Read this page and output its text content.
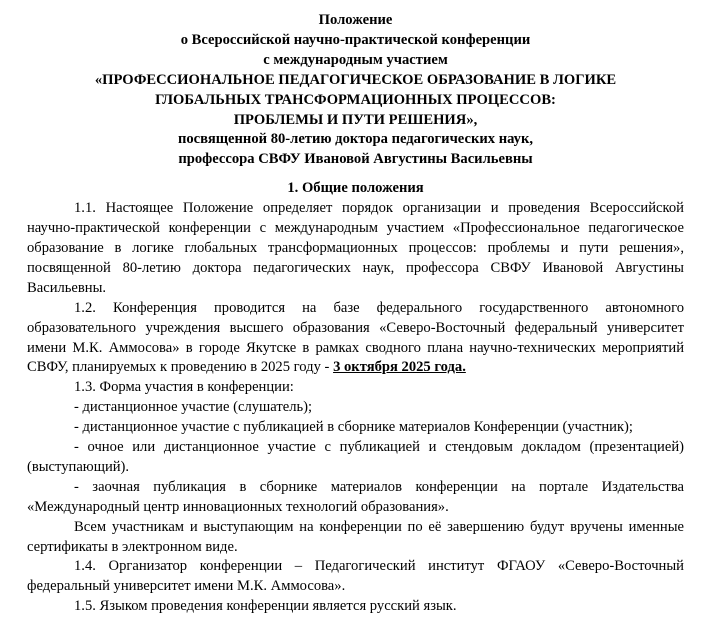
Положение
о Всероссийской научно-практической конференции
с международным участием
«ПРОФЕССИОНАЛЬНОЕ ПЕДАГОГИЧЕСКОЕ ОБРАЗОВАНИЕ В ЛОГИКЕ
ГЛОБАЛЬНЫХ ТРАНСФОРМАЦИОННЫХ ПРОЦЕССОВ:
ПРОБЛЕМЫ И ПУТИ РЕШЕНИЯ»,
посвященной 80-летию доктора педагогических наук,
профессора СВФУ Ивановой Августины Васильевны
1. Общие положения

1.1. Настоящее Положение определяет порядок организации и проведения Всероссийской научно-практической конференции с международным участием «Профессиональное педагогическое образование в логике глобальных трансформационных процессов: проблемы и пути решения», посвященной 80-летию доктора педагогических наук, профессора СВФУ Ивановой Августины Васильевны.

1.2. Конференция проводится на базе федерального государственного автономного образовательного учреждения высшего образования «Северо-Восточный федеральный университет имени М.К. Аммосова» в городе Якутске в рамках сводного плана научно-технических мероприятий СВФУ, планируемых к проведению в 2025 году - 3 октября 2025 года.

1.3. Форма участия в конференции:

- дистанционное участие (слушатель);

- дистанционное участие с публикацией в сборнике материалов Конференции (участник);

- очное или дистанционное участие с публикацией и стендовым докладом (презентацией) (выступающий).

- заочная публикация в сборнике материалов конференции на портале Издательства «Международный центр инновационных технологий образования».

Всем участникам и выступающим на конференции по её завершению будут вручены именные сертификаты в электронном виде.

1.4. Организатор конференции – Педагогический институт ФГАОУ «Северо-Восточный федеральный университет имени М.К. Аммосова».

1.5. Языком проведения конференции является русский язык.
